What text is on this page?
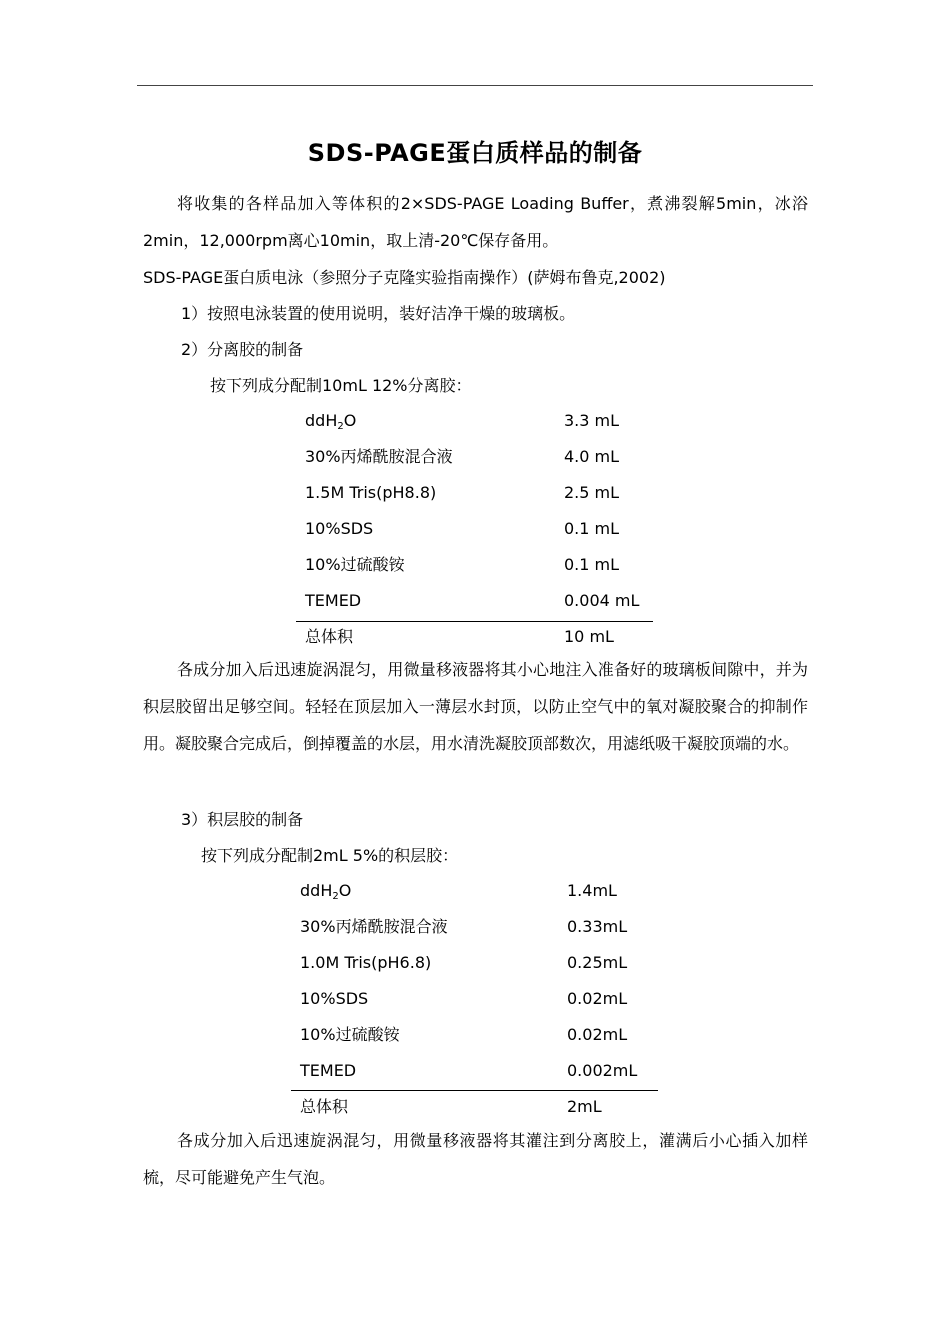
SDS-PAGE蛋白质样品的制备
将收集的各样品加入等体积的2×SDS-PAGE Loading Buffer，煮沸裂解5min，冰浴2min，12,000rpm离心10min，取上清-20℃保存备用。
SDS-PAGE蛋白质电泳（参照分子克隆实验指南操作）(萨姆布鲁克,2002)
1）按照电泳装置的使用说明，装好洁净干燥的玻璃板。
2）分离胶的制备
按下列成分配制10mL 12%分离胶：
ddH$_2$O	3.3 mL
30%丙烯酰胺混合液	4.0 mL
1.5M Tris(pH8.8)	2.5 mL
10%SDS	0.1 mL
10%过硫酸铵	0.1 mL
TEMED	0.004 mL
总体积	10 mL
各成分加入后迅速旋涡混匀，用微量移液器将其小心地注入准备好的玻璃板间隙中，并为积层胶留出足够空间。轻轻在顶层加入一薄层水封顶，以防止空气中的氧对凝胶聚合的抑制作用。凝胶聚合完成后，倒掉覆盖的水层，用水清洗凝胶顶部数次，用滤纸吸干凝胶顶端的水。
3）积层胶的制备
按下列成分配制2mL 5%的积层胶：
ddH$_2$O	1.4mL
30%丙烯酰胺混合液	0.33mL
1.0M Tris(pH6.8)	0.25mL
10%SDS	0.02mL
10%过硫酸铵	0.02mL
TEMED	0.002mL
总体积	2mL
各成分加入后迅速旋涡混匀，用微量移液器将其灌注到分离胶上，灌满后小心插入加样梳，尽可能避免产生气泡。
